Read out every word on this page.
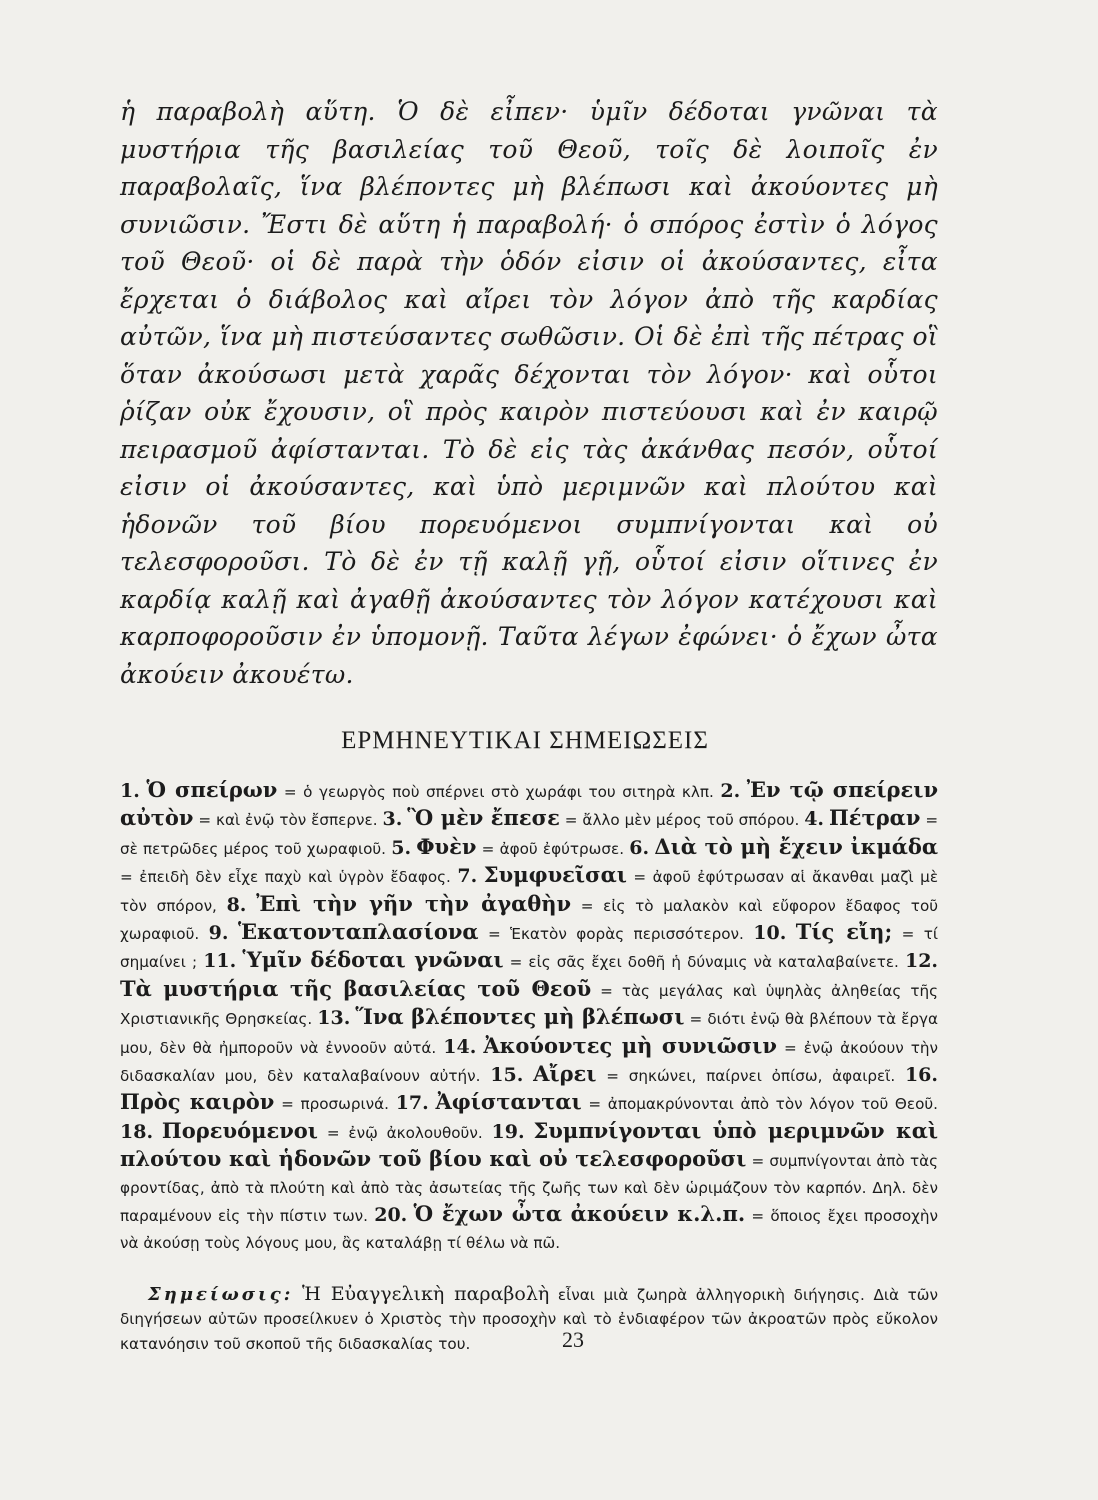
ἡ παραβολὴ αὕτη. Ὁ δὲ εἶπεν· ὑμῖν δέδοται γνῶναι τὰ μυστήρια τῆς βασιλείας τοῦ Θεοῦ, τοῖς δὲ λοιποῖς ἐν παραβολαῖς, ἵνα βλέποντες μὴ βλέπωσι καὶ ἀκούοντες μὴ συνιῶσιν. Ἔστι δὲ αὕτη ἡ παραβολή· ὁ σπόρος ἐστὶν ὁ λόγος τοῦ Θεοῦ· οἱ δὲ παρὰ τὴν ὁδόν εἰσιν οἱ ἀκούσαντες, εἶτα ἔρχεται ὁ διάβολος καὶ αἴρει τὸν λόγον ἀπὸ τῆς καρδίας αὐτῶν, ἵνα μὴ πιστεύσαντες σωθῶσιν. Οἱ δὲ ἐπὶ τῆς πέτρας οἳ ὅταν ἀκούσωσι μετὰ χαρᾶς δέχονται τὸν λόγον· καὶ οὗτοι ῥίζαν οὐκ ἔχουσιν, οἳ πρὸς καιρὸν πιστεύουσι καὶ ἐν καιρῷ πειρασμοῦ ἀφίστανται. Τὸ δὲ εἰς τὰς ἀκάνθας πεσόν, οὗτοί εἰσιν οἱ ἀκούσαντες, καὶ ὑπὸ μεριμνῶν καὶ πλούτου καὶ ἡδονῶν τοῦ βίου πορευόμενοι συμπνίγονται καὶ οὐ τελεσφοροῦσι. Τὸ δὲ ἐν τῇ καλῇ γῇ, οὗτοί εἰσιν οἵτινες ἐν καρδίᾳ καλῇ καὶ ἀγαθῇ ἀκούσαντες τὸν λόγον κατέχουσι καὶ καρποφοροῦσιν ἐν ὑπομονῇ. Ταῦτα λέγων ἐφώνει· ὁ ἔχων ὦτα ἀκούειν ἀκουέτω.

ΕΡΜΗΝΕΥΤΙΚΑΙ ΣΗΜΕΙΩΣΕΙΣ

1. Ὁ σπείρων = ὁ γεωργὸς ποὺ σπέρνει στὸ χωράφι του σιτηρὰ κλπ. 2. Ἐν τῷ σπείρειν αὐτὸν = καὶ ἐνῷ τὸν ἔσπερνε. 3. Ὃ μὲν ἔπεσε = ἄλλο μὲν μέρος τοῦ σπόρου. 4. Πέτραν = σὲ πετρῶδες μέρος τοῦ χωραφιοῦ. 5. Φυὲν = ἀφοῦ ἐφύτρωσε. 6. Διὰ τὸ μὴ ἔχειν ἰκμάδα = ἐπειδὴ δὲν εἶχε παχὺ καὶ ὑγρὸν ἔδαφος. 7. Συμφυεῖσαι = ἀφοῦ ἐφύτρωσαν αἱ ἄκανθαι μαζὶ μὲ τὸν σπόρον, 8. Ἐπὶ τὴν γῆν τὴν ἀγαθὴν = εἰς τὸ μαλακὸν καὶ εὔφορον ἔδαφος τοῦ χωραφιοῦ. 9. Ἑκατονταπλασίονα = Ἑκατὸν φορὰς περισσότερον. 10. Τίς εἴη; = τί σημαίνει ; 11. Ὑμῖν δέδοται γνῶναι = εἰς σᾶς ἔχει δοθῆ ἡ δύναμις νὰ καταλαβαίνετε. 12. Τὰ μυστήρια τῆς βασιλείας τοῦ Θεοῦ = τὰς μεγάλας καὶ ὑψηλὰς ἀληθείας τῆς Χριστιανικῆς Θρησκείας. 13. Ἵνα βλέποντες μὴ βλέπωσι = διότι ἐνῷ θὰ βλέπουν τὰ ἔργα μου, δὲν θὰ ἠμποροῦν νὰ ἐννοοῦν αὐτά. 14. Ἀκούοντες μὴ συνιῶσιν = ἐνῷ ἀκούουν τὴν διδασκαλίαν μου, δὲν καταλαβαίνουν αὐτήν. 15. Αἴρει = σηκώνει, παίρνει ὀπίσω, ἀφαιρεῖ. 16. Πρὸς καιρὸν = προσωρινά. 17. Ἀφίστανται = ἀπομακρύνονται ἀπὸ τὸν λόγον τοῦ Θεοῦ. 18. Πορευόμενοι = ἐνῷ ἀκολουθοῦν. 19. Συμπνίγονται ὑπὸ μεριμνῶν καὶ πλούτου καὶ ἡδονῶν τοῦ βίου καὶ οὐ τελεσφοροῦσι = συμπνίγονται ἀπὸ τὰς φροντίδας, ἀπὸ τὰ πλούτη καὶ ἀπὸ τὰς ἀσωτείας τῆς ζωῆς των καὶ δὲν ὡριμάζουν τὸν καρπόν. Δηλ. δὲν παραμένουν εἰς τὴν πίστιν των. 20. Ὁ ἔχων ὦτα ἀκούειν κ.λ.π. = ὅποιος ἔχει προσοχὴν νὰ ἀκούσῃ τοὺς λόγους μου, ἂς καταλάβῃ τί θέλω νὰ πῶ.

Σημείωσις: Ἡ Εὐαγγελικὴ παραβολὴ εἶναι μιὰ ζωηρὰ ἀλληγορικὴ διήγησις. Διὰ τῶν διηγήσεων αὐτῶν προσείλκυεν ὁ Χριστὸς τὴν προσοχὴν καὶ τὸ ἐνδιαφέρον τῶν ἀκροατῶν πρὸς εὔκολον κατανόησιν τοῦ σκοποῦ τῆς διδασκαλίας του.	23
